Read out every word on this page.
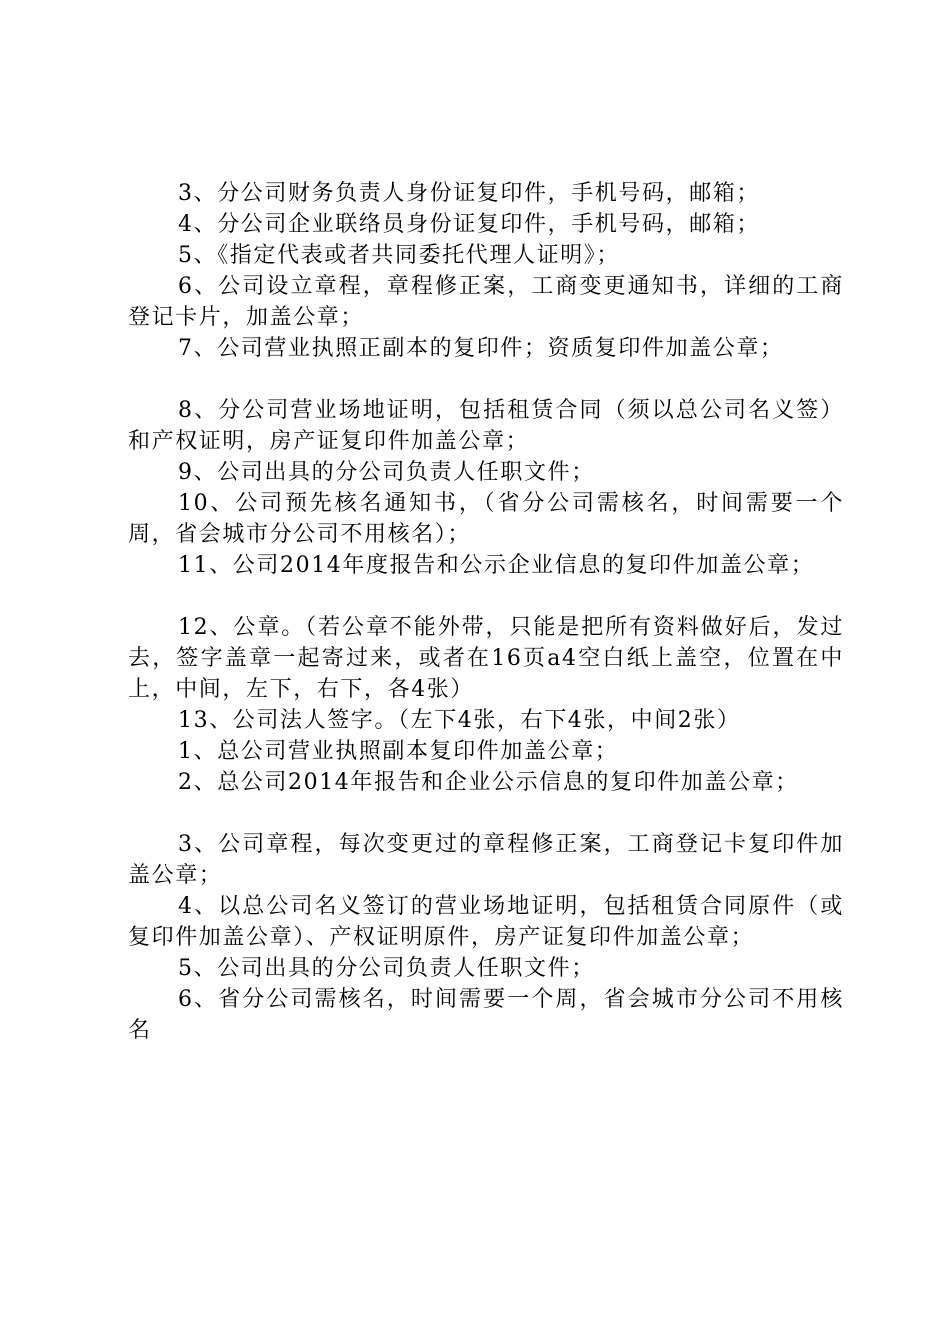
3、分公司财务负责人身份证复印件，手机号码，邮箱；

4、分公司企业联络员身份证复印件，手机号码，邮箱；

5、《指定代表或者共同委托代理人证明》；

6、公司设立章程，章程修正案，工商变更通知书，详细的工商登记卡片，加盖公章；

7、公司营业执照正副本的复印件；资质复印件加盖公章；

8、分公司营业场地证明，包括租赁合同（须以总公司名义签）和产权证明，房产证复印件加盖公章；

9、公司出具的分公司负责人任职文件；

10、公司预先核名通知书，（省分公司需核名，时间需要一个周，省会城市分公司不用核名）；

11、公司2014年度报告和公示企业信息的复印件加盖公章；

12、公章。（若公章不能外带，只能是把所有资料做好后，发过去，签字盖章一起寄过来，或者在16页a4空白纸上盖空，位置在中上，中间，左下，右下，各4张）

13、公司法人签字。（左下4张，右下4张，中间2张）

1、总公司营业执照副本复印件加盖公章；

2、总公司2014年报告和企业公示信息的复印件加盖公章；

3、公司章程，每次变更过的章程修正案，工商登记卡复印件加盖公章；

4、以总公司名义签订的营业场地证明，包括租赁合同原件（或复印件加盖公章）、产权证明原件，房产证复印件加盖公章；

5、公司出具的分公司负责人任职文件；

6、省分公司需核名，时间需要一个周，省会城市分公司不用核名
